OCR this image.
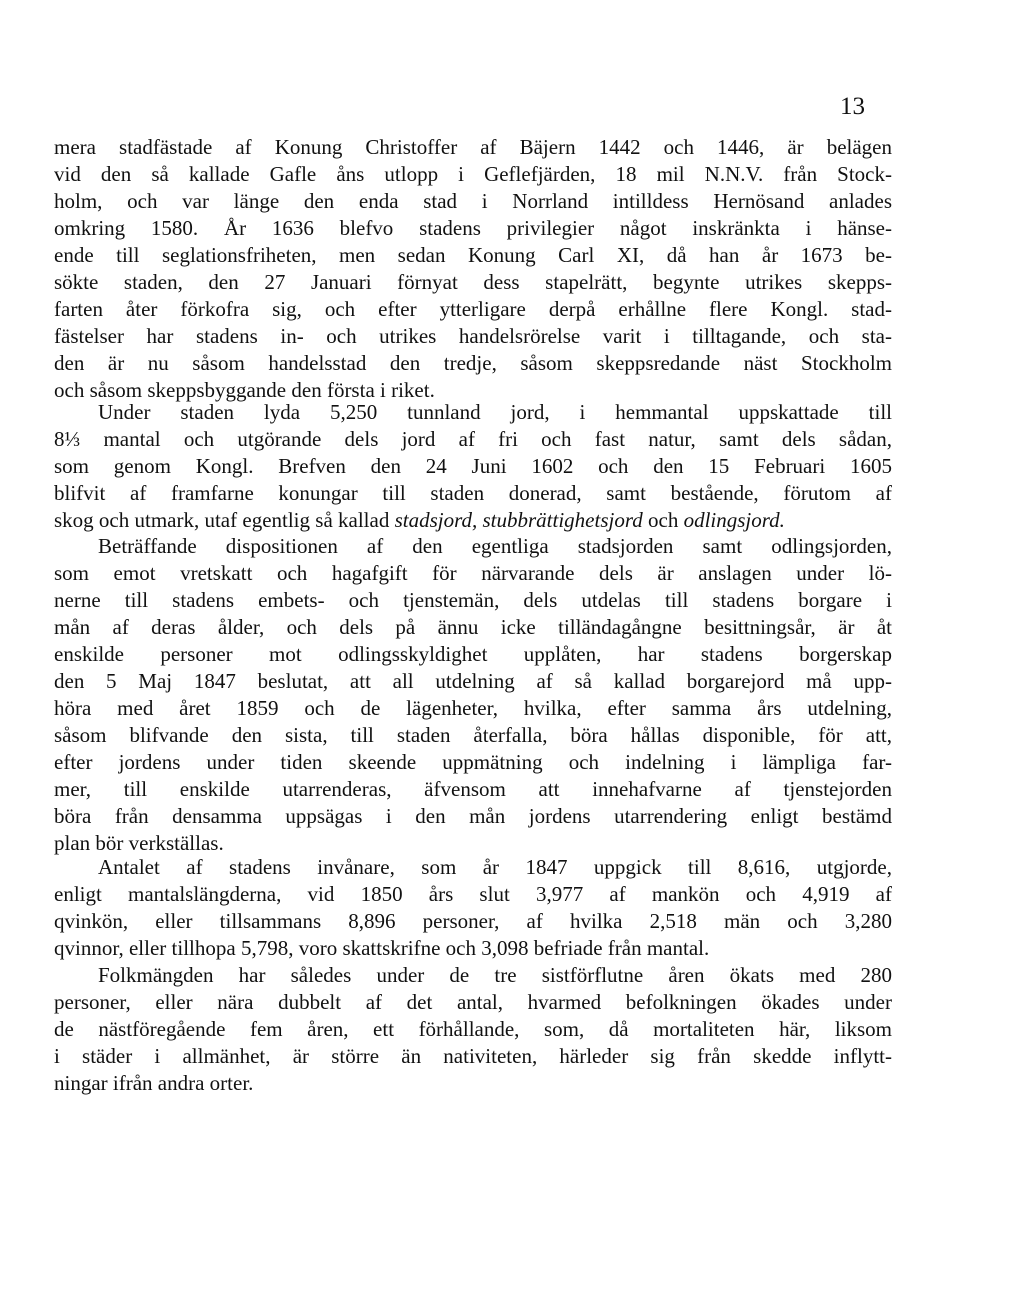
13
mera stadfästade af Konung Christoffer af Bäjern 1442 och 1446, är belägen
vid den så kallade Gafle åns utlopp i Geflefjärden, 18 mil N.N.V. från Stock-
holm, och var länge den enda stad i Norrland intilldess Hernösand anlades
omkring 1580. År 1636 blefvo stadens privilegier något inskränkta i hänse-
ende till seglationsfriheten, men sedan Konung Carl XI, då han år 1673 be-
sökte staden, den 27 Januari förnyat dess stapelrätt, begynte utrikes skepps-
farten åter förkofra sig, och efter ytterligare derpå erhållne flere Kongl. stad-
fästelser har stadens in- och utrikes handelsrörelse varit i tilltagande, och sta-
den är nu såsom handelsstad den tredje, såsom skeppsredande näst Stockholm
och såsom skeppsbyggande den första i riket.
Under staden lyda 5,250 tunnland jord, i hemmantal uppskattade till
8⅓ mantal och utgörande dels jord af fri och fast natur, samt dels sådan,
som genom Kongl. Brefven den 24 Juni 1602 och den 15 Februari 1605
blifvit af framfarne konungar till staden donerad, samt bestående, förutom af
skog och utmark, utaf egentlig så kallad stadsjord, stubbrättighetsjord och odlingsjord.
Beträffande dispositionen af den egentliga stadsjorden samt odlingsjorden,
som emot vretskatt och hagafgift för närvarande dels är anslagen under lö-
nerne till stadens embets- och tjenstemän, dels utdelas till stadens borgare i
mån af deras ålder, och dels på ännu icke tilländagångne besittningsår, är åt
enskilde personer mot odlingsskyldighet upplåten, har stadens borgerskap
den 5 Maj 1847 beslutat, att all utdelning af så kallad borgarejord må upp-
höra med året 1859 och de lägenheter, hvilka, efter samma års utdelning,
såsom blifvande den sista, till staden återfalla, böra hållas disponible, för att,
efter jordens under tiden skeende uppmätning och indelning i lämpliga far-
mer, till enskilde utarrenderas, äfvensom att innehafvarne af tjenstejorden
böra från densamma uppsägas i den mån jordens utarrendering enligt bestämd
plan bör verkställas.
Antalet af stadens invånare, som år 1847 uppgick till 8,616, utgjorde,
enligt mantalslängderna, vid 1850 års slut 3,977 af mankön och 4,919 af
qvinkön, eller tillsammans 8,896 personer, af hvilka 2,518 män och 3,280
qvinnor, eller tillhopa 5,798, voro skattskrifne och 3,098 befriade från mantal.
Folkmängden har således under de tre sistförflutne åren ökats med 280
personer, eller nära dubbelt af det antal, hvarmed befolkningen ökades under
de nästföregående fem åren, ett förhållande, som, då mortaliteten här, liksom
i städer i allmänhet, är större än nativiteten, härleder sig från skedde inflytt-
ningar ifrån andra orter.
